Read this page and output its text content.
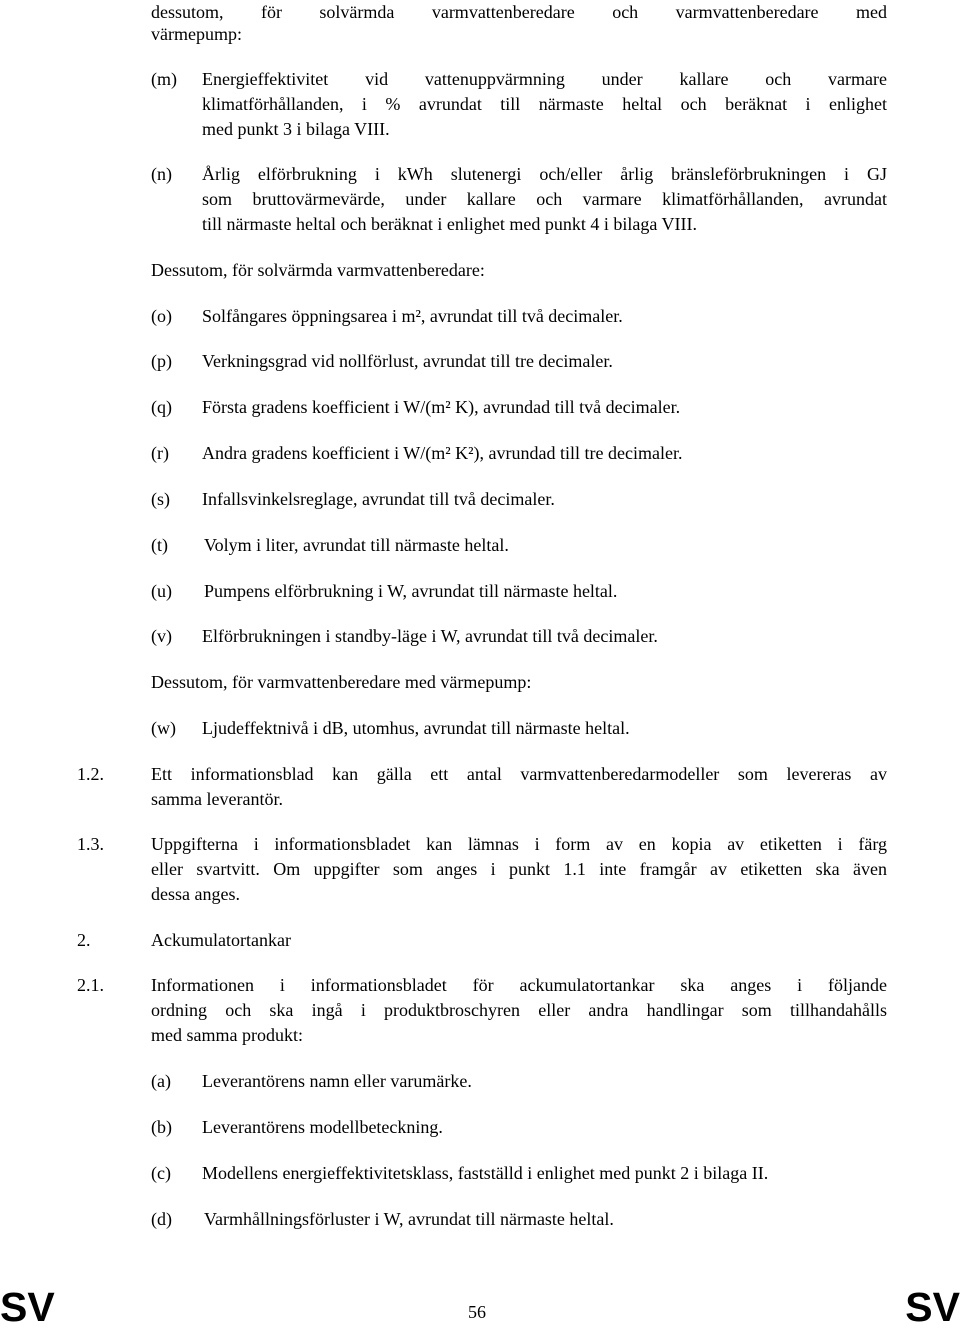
dessutom, för solvärmda varmvattenberedare och varmvattenberedare med
värmepump:
(m) Energieffektivitet vid vattenuppvärmning under kallare och varmare
klimatförhållanden, i % avrundat till närmaste heltal och beräknat i enlighet
med punkt 3 i bilaga VIII.
(n) Årlig elförbrukning i kWh slutenergi och/eller årlig bränsleförbrukningen i GJ
som bruttovärmevärde, under kallare och varmare klimatförhållanden, avrundat
till närmaste heltal och beräknat i enlighet med punkt 4 i bilaga VIII.
Dessutom, för solvärmda varmvattenberedare:
(o) Solfångares öppningsarea i m², avrundat till två decimaler.
(p) Verkningsgrad vid nollförlust, avrundat till tre decimaler.
(q) Första gradens koefficient i W/(m² K), avrundad till två decimaler.
(r) Andra gradens koefficient i W/(m² K²), avrundad till tre decimaler.
(s) Infallsvinkelsreglage, avrundat till två decimaler.
(t) Volym i liter, avrundat till närmaste heltal.
(u) Pumpens elförbrukning i W, avrundat till närmaste heltal.
(v) Elförbrukningen i standby-läge i W, avrundat till två decimaler.
Dessutom, för varmvattenberedare med värmepump:
(w) Ljudeffektnivå i dB, utomhus, avrundat till närmaste heltal.
1.2.	Ett informationsblad kan gälla ett antal varmvattenberedarmodeller som levereras av
samma leverantör.
1.3.	Uppgifterna i informationsbladet kan lämnas i form av en kopia av etiketten i färg
eller svartvitt. Om uppgifter som anges i punkt 1.1 inte framgår av etiketten ska även
dessa anges.
2.	Ackumulatortankar
2.1.	Informationen i informationsbladet för ackumulatortankar ska anges i följande
ordning och ska ingå i produktbroschyren eller andra handlingar som tillhandahålls
med samma produkt:
(a) Leverantörens namn eller varumärke.
(b) Leverantörens modellbeteckning.
(c) Modellens energieffektivitetsklass, fastställd i enlighet med punkt 2 i bilaga II.
(d) Varmhållningsförluster i W, avrundat till närmaste heltal.
SV	56	SV
